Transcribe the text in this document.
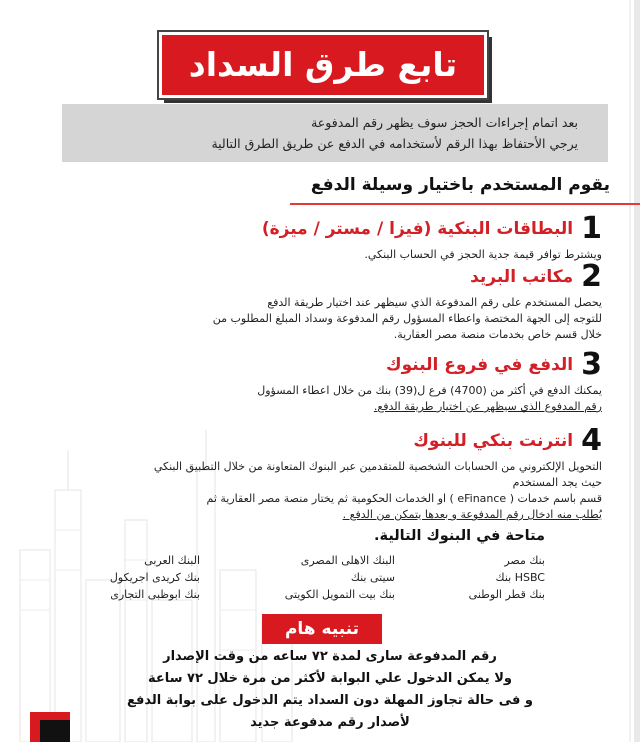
تابع طرق السداد
بعد اتمام إجراءات الحجز سوف يظهر رقم المدفوعة
يرجي الأحتفاظ بهذا الرقم لأستخدامه في الدفع عن طريق الطرق التالية
يقوم المستخدم باختيار وسيلة الدفع
1
البطاقات البنكية (فيزا / مستر / ميزة)
ويشترط توافر قيمة جدية الحجز في الحساب البنكي.
2
مكاتب البريد
يحصل المستخدم على رقم المدفوعة الذي سيظهر عند اختيار طريقة الدفع
للتوجه إلى الجهة المختصة واعطاء المسؤول رقم المدفوعة وسداد المبلغ المطلوب من
خلال قسم خاص بخدمات منصة مصر العقارية.
3
الدفع في فروع البنوك
يمكنك الدفع في أكثر من (4700) فرع ل(39) بنك من خلال اعطاء المسؤول
رقم المدفوع الذي سيظهر عن اختيار طريقة الدفع.
4
انترنت بنكي للبنوك
التحويل الإلكتروني من الحسابات الشخصية للمتقدمين عبر البنوك المتعاونة من خلال التطبيق البنكي
حيث يجد المستخدم
قسم باسم خدمات ( eFinance ) او الخدمات الحكومية ثم يختار منصة مصر العقارية ثم
يُطلب منه ادخال رقم المدفوعة و بعدها يتمكن من الدفع .
متاحة في البنوك التالية.
بنك مصر
HSBC بنك
بنك قطر الوطنى
البنك الاهلى المصرى
سيتى بنك
بنك بيت التمويل الكويتى
البنك العربى
بنك كريدى اجريكول
بنك ابوظبى التجارى
تنبيه هام
رقم المدفوعة سارى لمدة ٧٢ ساعه من وقت الإصدار
ولا يمكن الدخول علي البوابة لأكثر من مرة خلال ٧٢ ساعة
و فى حالة تجاوز المهلة دون السداد يتم الدخول على بوابة الدفع
لأصدار رقم مدفوعة جديد
